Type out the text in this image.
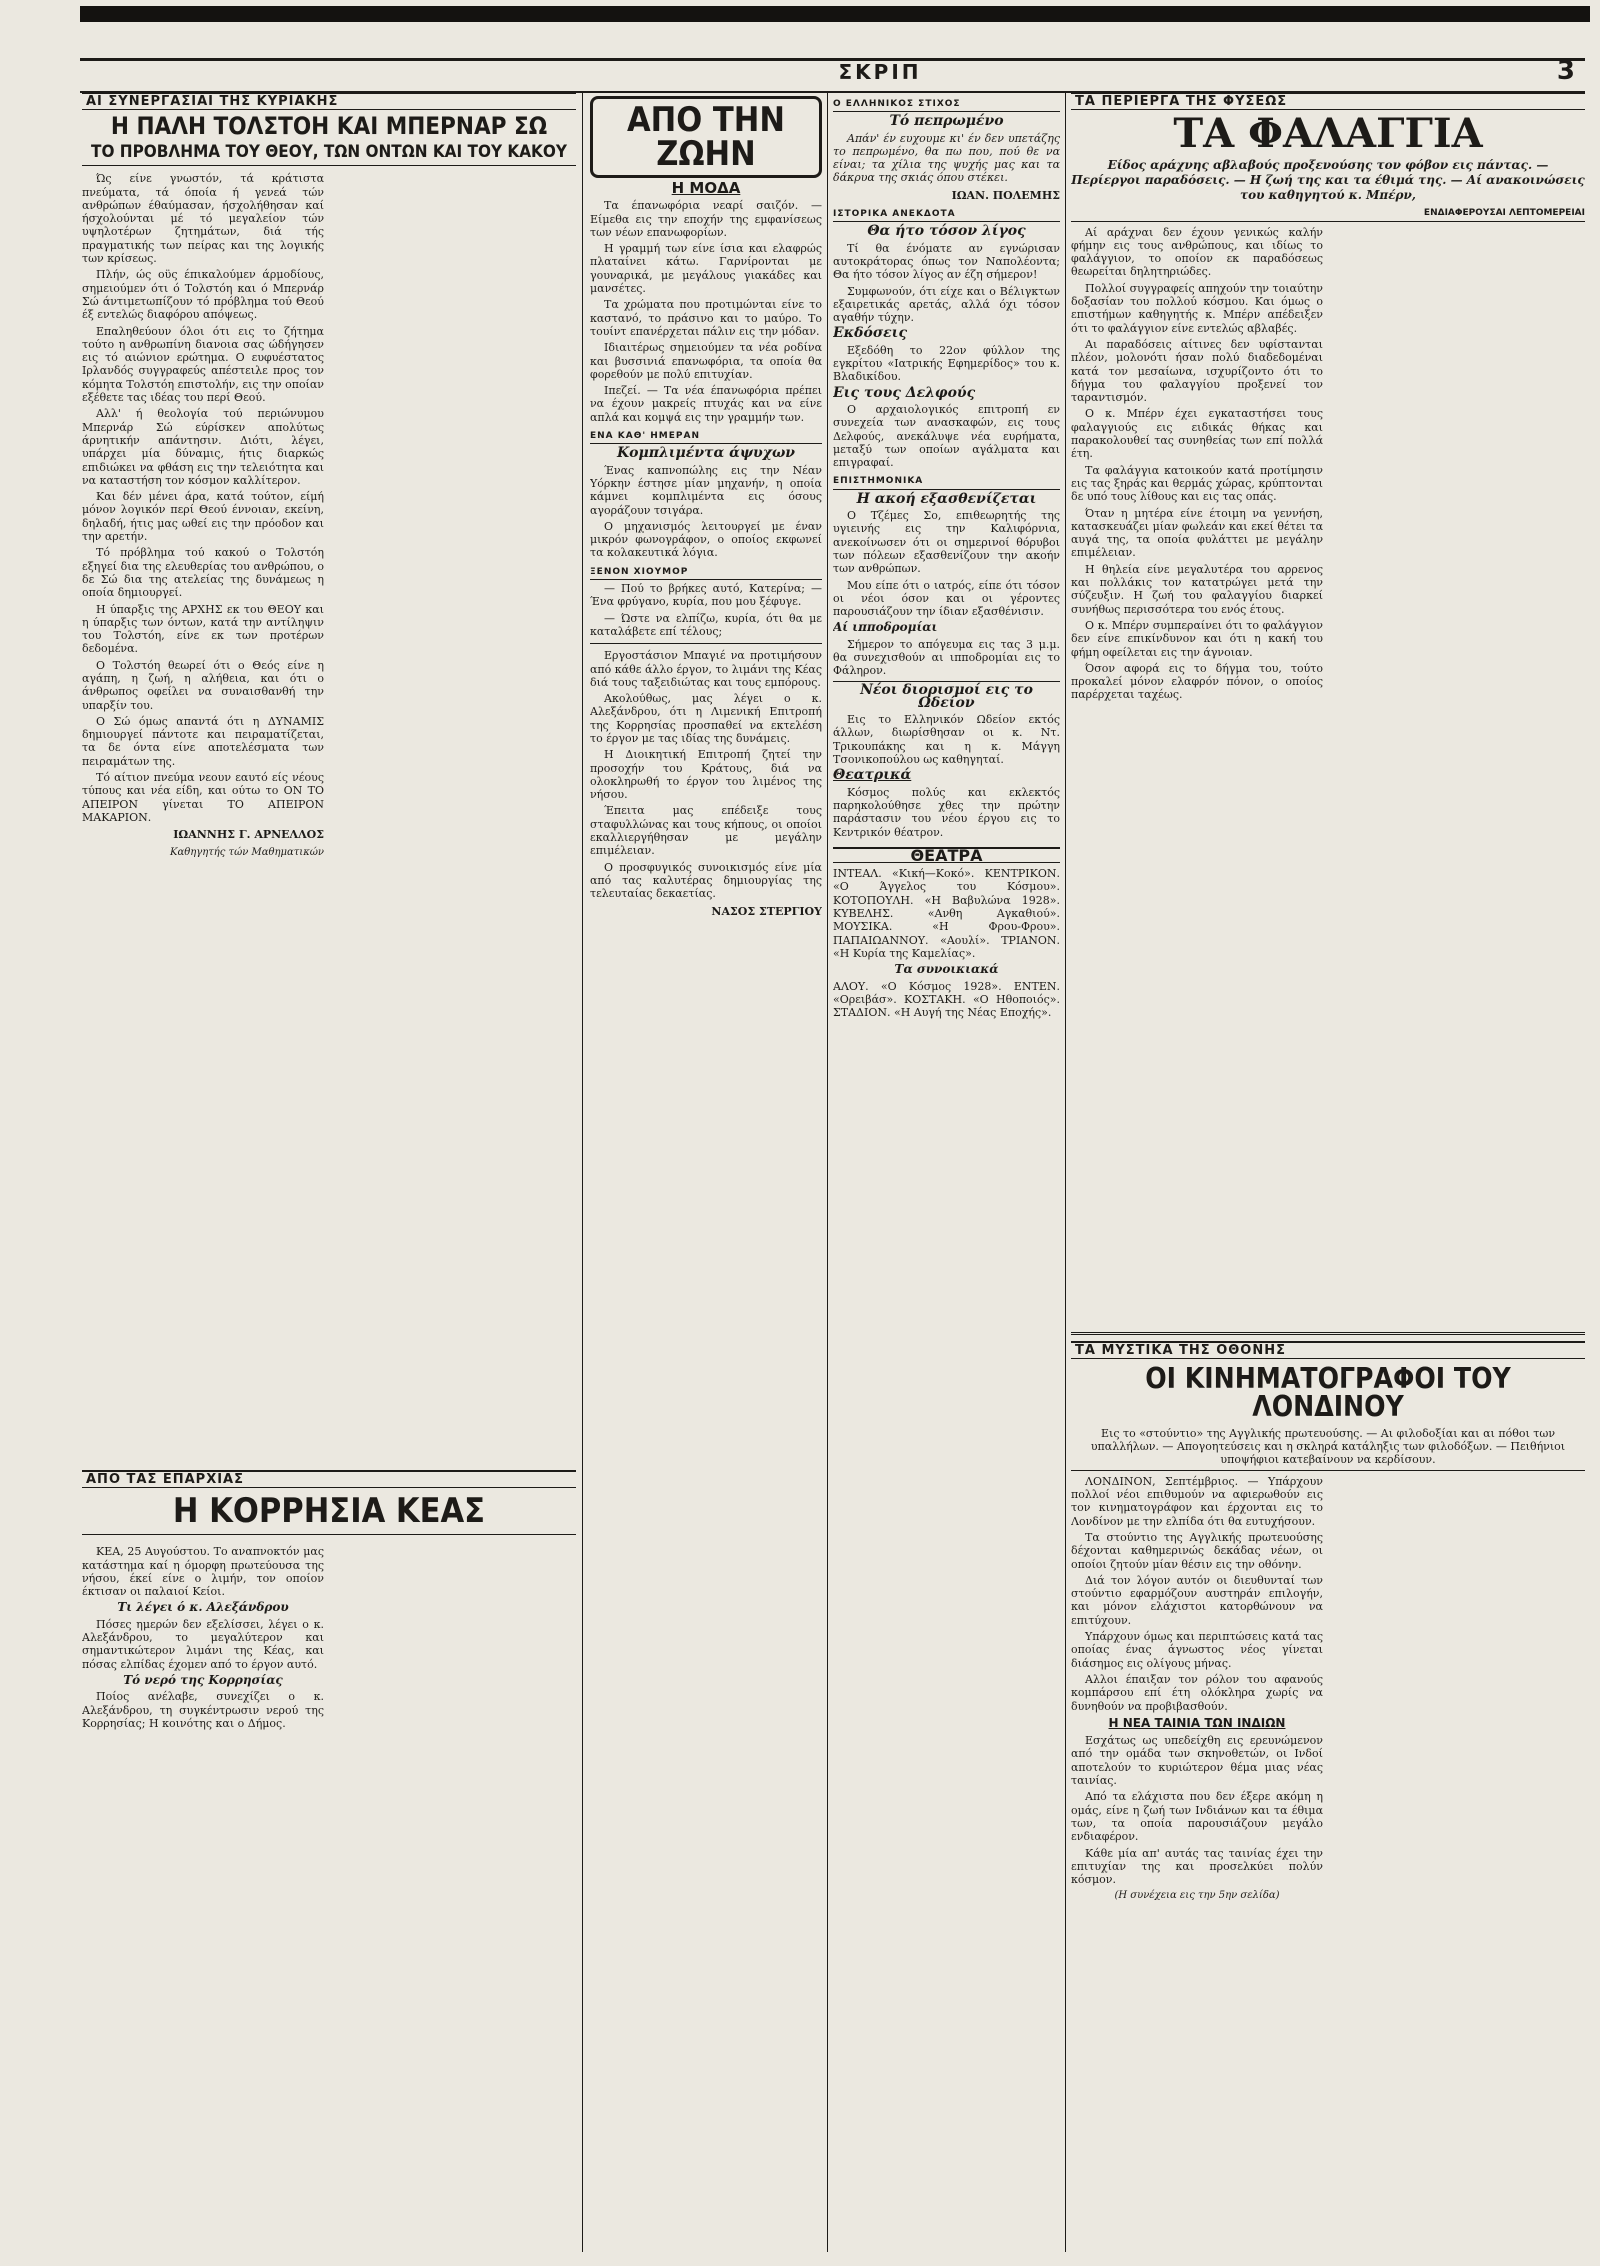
ΣΚΡΙΠ	3
ΑΙ ΣΥΝΕΡΓΑΣΙΑΙ ΤΗΣ ΚΥΡΙΑΚΗΣ
Η ΠΑΛΗ ΤΟΛΣΤΟΗ ΚΑΙ ΜΠΕΡΝΑΡ ΣΩ
ΤΟ ΠΡΟΒΛΗΜΑ ΤΟΥ ΘΕΟΥ, ΤΩΝ ΟΝΤΩΝ ΚΑΙ ΤΟΥ ΚΑΚΟΥ

Ώς είνε γνωστόν, τά κράτιστα πνεύματα, τά όποία ή γενεά τών ανθρώπων έθαύμασαν, ήσχολήθησαν καί ήσχολούνται μέ τό μεγαλείον τών υψηλοτέρων ζητημάτων, διά τής πραγματικής των πείρας και της λογικής των κρίσεως.

Πλήν, ώς οϋς έπικαλούμεν άρμοδίους, σημειούμεν ότι ό Τολστόη και ό Μπερνάρ Σώ άντιμετωπίζουν τό πρόβλημα τού Θεού έξ εντελώς διαφόρου απόψεως.

Επαληθεύουν όλοι ότι εις το ζήτημα τούτο η ανθρωπίνη διανοια σας ώδήγησεν εις τό αιώνιον ερώτημα. Ο ευφυέστατος Ιρλανδός συγγραφεύς απέστειλε προς τον κόμητα Τολστόη επιστολήν, εις την οποίαν εξέθετε τας ιδέας του περί Θεού.

Αλλ' ή θεολογία τού περιώνυμου Μπερνάρ Σώ εύρίσκεν απολύτως άρνητικήν απάντησιν. Διότι, λέγει, υπάρχει μία δύναμις, ήτις διαρκώς επιδιώκει να φθάση εις την τελειότητα και να καταστήση τον κόσμον καλλίτερον.

Και δέν μένει άρα, κατά τούτον, είμή μόνον λογικόν περί Θεού έννοιαν, εκείνη, δηλαδή, ήτις μας ωθεί εις την πρόοδον και την αρετήν.

Τό πρόβλημα τού κακού ο Τολστόη εξηγεί δια της ελευθερίας του ανθρώπου, ο δε Σώ δια της ατελείας της δυνάμεως η οποία δημιουργεί.

Η ύπαρξις της ΑΡΧΗΣ εκ του ΘΕΟΥ και η ύπαρξις των όντων, κατά την αντίληψιν του Τολστόη, είνε εκ των προτέρων δεδομένα.

Ο Τολστόη θεωρεί ότι ο Θεός είνε η αγάπη, η ζωή, η αλήθεια, και ότι ο άνθρωπος οφείλει να συναισθανθή την υπαρξίν του.

Ο Σώ όμως απαντά ότι η ΔΥΝΑΜΙΣ δημιουργεί πάντοτε και πειραματίζεται, τα δε όντα είνε αποτελέσματα των πειραμάτων της.

Τό αίτιον πνεύμα νεουν εαυτό είς νέους τύπους και νέα είδη, και ούτω το ΟΝ ΤΟ ΑΠΕΙΡΟΝ γίνεται ΤΟ ΑΠΕΙΡΟΝ ΜΑΚΑΡΙΟΝ.

ΙΩΑΝΝΗΣ Γ. ΑΡΝΕΛΛΟΣ
Καθηγητής τών Μαθηματικών
ΑΠΟ ΤΑΣ ΕΠΑΡΧΙΑΣ
Η ΚΟΡΡΗΣΙΑ ΚΕΑΣ

ΚΕΑ, 25 Αυγούστου. Το αναπνοκτόν μας κατάστημα καί η όμορφη πρωτεύουσα της νήσου, έκεί είνε ο λιμήν, τον οποίον έκτισαν οι παλαιοί Κείοι.

Τι λέγει ό κ. Αλεξάνδρου

Πόσες ημερών δεν εξελίσσει, λέγει ο κ. Αλεξάνδρου, το μεγαλύτερον και σημαντικώτερον λιμάνι της Κέας, και πόσας ελπίδας έχομεν από το έργον αυτό.

Τό νερό της Κορρησίας

Ποίος ανέλαβε, συνεχίζει ο κ. Αλεξάνδρου, τη συγκέντρωσιν νερού της Κορρησίας; Η κοινότης και ο Δήμος.

ΑΠΟ ΤΗΝ ΖΩΗΝ
Η ΜΟΔΑ

Τα έπανωφόρια νεαρί σαιζόν. — Είμεθα εις την εποχήν της εμφανίσεως των νέων επανωφορίων.

Η γραμμή των είνε ίσια και ελαφρώς πλαταίνει κάτω. Γαρνίρονται με γουναρικά, με μεγάλους γιακάδες και μανσέτες.

Τα χρώματα που προτιμώνται είνε το καστανό, το πράσινο και το μαύρο. Το τουίντ επανέρχεται πάλιν εις την μόδαν.

Ιδιαιτέρως σημειούμεν τα νέα ροδίνα και βυσσινιά επανωφόρια, τα οποία θα φορεθούν με πολύ επιτυχίαν.

Ιπεζεί. — Τα νέα έπανωφόρια πρέπει να έχουν μακρείς πτυχάς και να είνε απλά και κομψά εις την γραμμήν των.

ΕΝΑ ΚΑΘ' ΗΜΕΡΑΝ
Κομπλιμέντα άψυχων

Ένας καπνοπώλης εις την Νέαν Υόρκην έστησε μίαν μηχανήν, η οποία κάμνει κομπλιμέντα εις όσους αγοράζουν τσιγάρα.

Ο μηχανισμός λειτουργεί με έναν μικρόν φωνογράφον, ο οποίος εκφωνεί τα κολακευτικά λόγια.

ΞΕΝΟΝ ΧΙΟΥΜΟΡ

— Πού το βρήκες αυτό, Κατερίνα; — Ένα φρύγανο, κυρία, που μου ξέφυγε.

— Ώστε να ελπίζω, κυρία, ότι θα με καταλάβετε επί τέλους;

Εργοστάσιον Μπαγιέ να προτιμήσουν από κάθε άλλο έργον, το λιμάνι της Κέας διά τους ταξειδιώτας και τους εμπόρους.

Ακολούθως, μας λέγει ο κ. Αλεξάνδρου, ότι η Λιμενική Επιτροπή της Κορρησίας προσπαθεί να εκτελέση το έργον με τας ιδίας της δυνάμεις.

Η Διοικητική Επιτροπή ζητεί την προσοχήν του Κράτους, διά να ολοκληρωθή το έργον του λιμένος της νήσου.

Έπειτα μας επέδειξε τους σταφυλλώνας και τους κήπους, οι οποίοι εκαλλιεργήθησαν με μεγάλην επιμέλειαν.

Ο προσφυγικός συνοικισμός είνε μία από τας καλυτέρας δημιουργίας της τελευταίας δεκαετίας.

ΝΑΣΟΣ ΣΤΕΡΓΙΟΥ
Ο ΕΛΛΗΝΙΚΟΣ ΣΤΙΧΟΣ
Τό πεπρωμένο

Απάν' έν ευχουμε κι' έν δεν υπετάζης το πεπρωμένο, θα πω που, πού θε να είναι; τα χίλια της ψυχής μας και τα δάκρυα της σκιάς όπου στέκει.

ΙΩΑΝ. ΠΟΛΕΜΗΣ
ΙΣΤΟΡΙΚΑ ΑΝΕΚΔΟΤΑ
Θα ήτο τόσον λίγος

Τί θα ένόματε αν εγνώρισαν αυτοκράτορας όπως τον Ναπολέοντα; Θα ήτο τόσον λίγος αν έζη σήμερον!

Συμφωνούν, ότι είχε και ο Βέλιγκτων εξαιρετικάς αρετάς, αλλά όχι τόσον αγαθήν τύχην.

Εκδόσεις

Εξεδόθη το 22ον φύλλον της εγκρίτου «Ιατρικής Εφημερίδος» του κ. Βλαδικίδου.

Εις τους Δελφούς

Ο αρχαιολογικός επιτροπή εν συνεχεία των ανασκαφών, εις τους Δελφούς, ανεκάλυψε νέα ευρήματα, μεταξύ των οποίων αγάλματα και επιγραφαί.

ΕΠΙΣΤΗΜΟΝΙΚΑ
Η ακοή εξασθενίζεται

Ο Τζέμες Σο, επιθεωρητής της υγιεινής εις την Καλιφόρνια, ανεκοίνωσεν ότι οι σημερινοί θόρυβοι των πόλεων εξασθενίζουν την ακοήν των ανθρώπων.

Μου είπε ότι ο ιατρός, είπε ότι τόσον οι νέοι όσον και οι γέροντες παρουσιάζουν την ίδιαν εξασθένισιν.

Αί ιπποδρομίαι

Σήμερον το απόγευμα εις τας 3 μ.μ. θα συνεχισθούν αι ιπποδρομίαι εις το Φάληρον.

Νέοι διορισμοί εις το Ωδείον

Εις το Ελληνικόν Ωδείον εκτός άλλων, διωρίσθησαν οι κ. Ντ. Τρικουπάκης και η κ. Μάγγη Τσονικοπούλου ως καθηγηταί.

Θεατρικά

Κόσμος πολύς και εκλεκτός παρηκολούθησε χθες την πρώτην παράστασιν του νέου έργου εις το Κεντρικόν θέατρον.

ΘΕΑΤΡΑ

ΙΝΤΕΑΛ. «Κική—Κοκό». ΚΕΝΤΡΙΚΟΝ. «Ο Άγγελος του Κόσμου». ΚΟΤΟΠΟΥΛΗ. «Η Βαβυλώνα 1928». ΚΥΒΕΛΗΣ. «Ανθη Αγκαθιού». ΜΟΥΣΙΚΑ. «Η Φρου-Φρου». ΠΑΠΑΙΩΑΝΝΟΥ. «Αουλί». ΤΡΙΑΝΟΝ. «Η Κυρία της Καμελίας».

Τα συνοικιακά

ΑΛΟΥ. «Ο Κόσμος 1928». ΕΝΤΕΝ. «Ορειβάσ». ΚΟΣΤΑΚΗ. «Ο Ηθοποιός». ΣΤΑΔΙΟΝ. «Η Αυγή της Νέας Εποχής».

ΤΑ ΠΕΡΙΕΡΓΑ ΤΗΣ ΦΥΣΕΩΣ
ΤΑ ΦΑΛΑΓΓΙΑ
Είδος αράχνης αβλαβούς προξενούσης τον φόβον εις πάντας. — Περίεργοι παραδόσεις. — Η ζωή της και τα έθιμά της. — Αί ανακοινώσεις του καθηγητού κ. Μπέρν,
ΕΝΔΙΑΦΕΡΟΥΣΑΙ ΛΕΠΤΟΜΕΡΕΙΑΙ

Αί αράχναι δεν έχουν γενικώς καλήν φήμην εις τους ανθρώπους, και ιδίως το φαλάγγιον, το οποίον εκ παραδόσεως θεωρείται δηλητηριώδες.

Πολλοί συγγραφείς απηχούν την τοιαύτην δοξασίαν του πολλού κόσμου. Και όμως ο επιστήμων καθηγητής κ. Μπέρν απέδειξεν ότι το φαλάγγιον είνε εντελώς αβλαβές.

Αι παραδόσεις αίτινες δεν υφίστανται πλέον, μολονότι ήσαν πολύ διαδεδομέναι κατά τον μεσαίωνα, ισχυρίζοντο ότι το δήγμα του φαλαγγίου προξενεί τον ταραντισμόν.

Ο κ. Μπέρν έχει εγκαταστήσει τους φαλαγγιούς εις ειδικάς θήκας και παρακολουθεί τας συνηθείας των επί πολλά έτη.

Τα φαλάγγια κατοικούν κατά προτίμησιν εις τας ξηράς και θερμάς χώρας, κρύπτονται δε υπό τους λίθους και εις τας οπάς.

Όταν η μητέρα είνε έτοιμη να γεννήση, κατασκευάζει μίαν φωλεάν και εκεί θέτει τα αυγά της, τα οποία φυλάττει με μεγάλην επιμέλειαν.

Η θηλεία είνε μεγαλυτέρα του αρρενος και πολλάκις τον κατατρώγει μετά την σύζευξιν. Η ζωή του φαλαγγίου διαρκεί συνήθως περισσότερα του ενός έτους.

Ο κ. Μπέρν συμπεραίνει ότι το φαλάγγιον δεν είνε επικίνδυνον και ότι η κακή του φήμη οφείλεται εις την άγνοιαν.

Όσον αφορά εις το δήγμα του, τούτο προκαλεί μόνον ελαφρόν πόνον, ο οποίος παρέρχεται ταχέως.

ΤΑ ΜΥΣΤΙΚΑ ΤΗΣ ΟΘΟΝΗΣ
ΟΙ ΚΙΝΗΜΑΤΟΓΡΑΦΟΙ ΤΟΥ ΛΟΝΔΙΝΟΥ
Εις το «στούντιο» της Αγγλικής πρωτευούσης. — Αι φιλοδοξίαι και αι πόθοι των υπαλλήλων. — Απογοητεύσεις και η σκληρά κατάληξις των φιλοδόξων. — Πειθήνιοι υποψήφιοι κατεβαίνουν να κερδίσουν.

ΛΟΝΔΙΝΟΝ, Σεπτέμβριος. — Υπάρχουν πολλοί νέοι επιθυμούν να αφιερωθούν εις τον κινηματογράφον και έρχονται εις το Λονδίνον με την ελπίδα ότι θα ευτυχήσουν.

Τα στούντιο της Αγγλικής πρωτευούσης δέχονται καθημερινώς δεκάδας νέων, οι οποίοι ζητούν μίαν θέσιν εις την οθόνην.

Διά τον λόγον αυτόν οι διευθυνταί των στούντιο εφαρμόζουν αυστηράν επιλογήν, και μόνον ελάχιστοι κατορθώνουν να επιτύχουν.

Υπάρχουν όμως και περιπτώσεις κατά τας οποίας ένας άγνωστος νέος γίνεται διάσημος εις ολίγους μήνας.

Αλλοι έπαιξαν τον ρόλον του αφανούς κομπάρσου επί έτη ολόκληρα χωρίς να δυνηθούν να προβιβασθούν.

Η ΝΕΑ ΤΑΙΝΙΑ ΤΩΝ ΙΝΔΙΩΝ

Εσχάτως ως υπεδείχθη εις ερευνώμενον από την ομάδα των σκηνοθετών, οι Ινδοί αποτελούν το κυριώτερον θέμα μιας νέας ταινίας.

Από τα ελάχιστα που δεν έξερε ακόμη η ομάς, είνε η ζωή των Ινδιάνων και τα έθιμα των, τα οποία παρουσιάζουν μεγάλο ενδιαφέρον.

Κάθε μία απ' αυτάς τας ταινίας έχει την επιτυχίαν της και προσελκύει πολύν κόσμον.

(Η συνέχεια εις την 5ην σελίδα)
